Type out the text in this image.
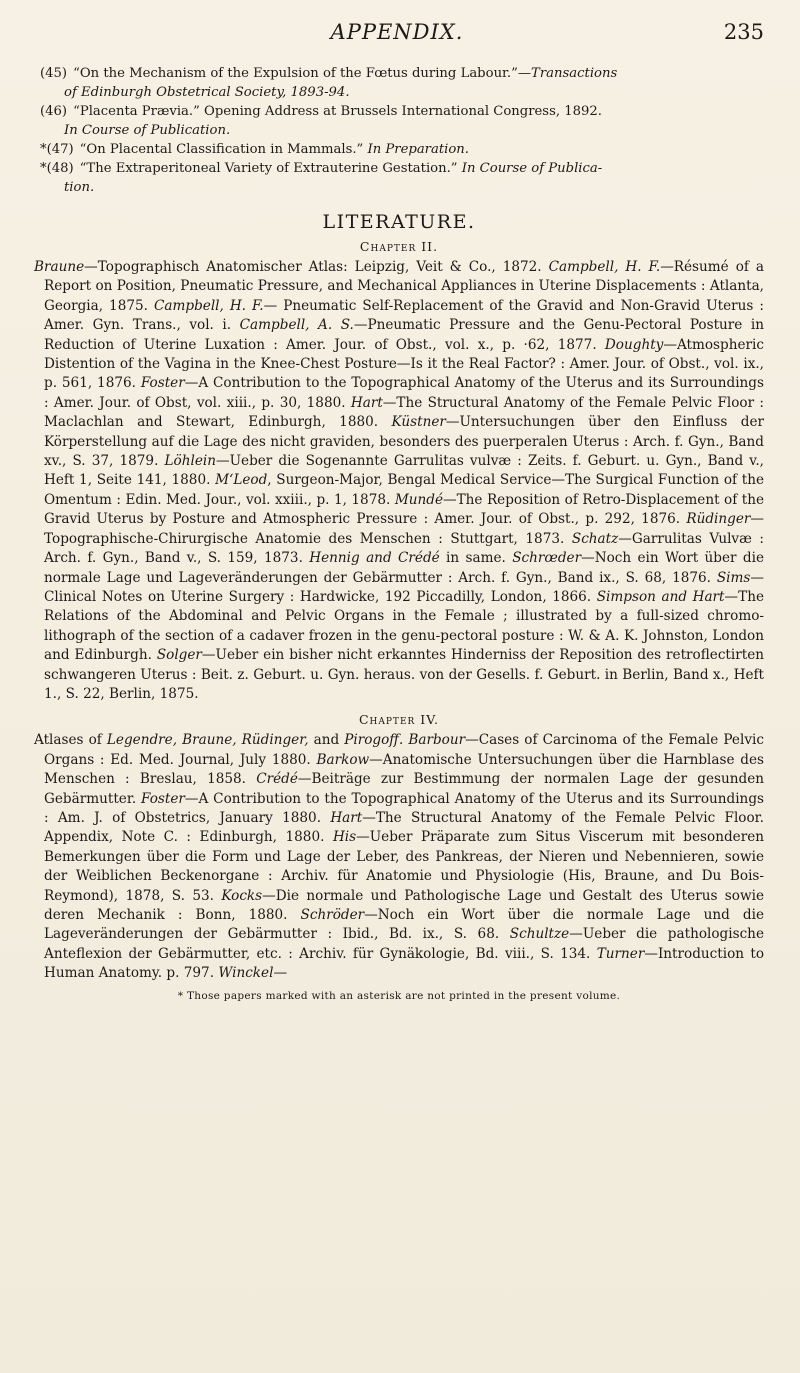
APPENDIX.	235
(45) “On the Mechanism of the Expulsion of the Fœtus during Labour.”—Transactions
of Edinburgh Obstetrical Society, 1893-94.
(46) “Placenta Prævia.” Opening Address at Brussels International Congress, 1892.
In Course of Publication.
*(47) “On Placental Classification in Mammals.” In Preparation.
*(48) “The Extraperitoneal Variety of Extrauterine Gestation.” In Course of Publica-
tion.
LITERATURE.
Chapter II.

Braune—Topographisch Anatomischer Atlas: Leipzig, Veit & Co., 1872. Campbell, H. F.—Résumé of a Report on Position, Pneumatic Pressure, and Mechanical Appliances in Uterine Displacements : Atlanta, Georgia, 1875. Campbell, H. F.— Pneumatic Self-Replacement of the Gravid and Non-Gravid Uterus : Amer. Gyn. Trans., vol. i. Campbell, A. S.—Pneumatic Pressure and the Genu-Pectoral Posture in Reduction of Uterine Luxation : Amer. Jour. of Obst., vol. x., p. ·62, 1877. Doughty—Atmospheric Distention of the Vagina in the Knee-Chest Posture—Is it the Real Factor? : Amer. Jour. of Obst., vol. ix., p. 561, 1876. Foster—A Contribution to the Topographical Anatomy of the Uterus and its Surroundings : Amer. Jour. of Obst, vol. xiii., p. 30, 1880. Hart—The Structural Anatomy of the Female Pelvic Floor : Maclachlan and Stewart, Edinburgh, 1880. Küstner—Untersuchungen über den Einfluss der Körperstellung auf die Lage des nicht graviden, besonders des puerperalen Uterus : Arch. f. Gyn., Band xv., S. 37, 1879. Löhlein—Ueber die Sogenannte Garrulitas vulvæ : Zeits. f. Geburt. u. Gyn., Band v., Heft 1, Seite 141, 1880. M‘Leod, Surgeon-Major, Bengal Medical Service—The Surgical Function of the Omentum : Edin. Med. Jour., vol. xxiii., p. 1, 1878. Mundé—The Reposition of Retro-Displacement of the Gravid Uterus by Posture and Atmospheric Pressure : Amer. Jour. of Obst., p. 292, 1876. Rüdinger—Topographische-Chirurgische Anatomie des Menschen : Stuttgart, 1873. Schatz—Garrulitas Vulvæ : Arch. f. Gyn., Band v., S. 159, 1873. Hennig and Crédé in same. Schrœder—Noch ein Wort über die normale Lage und Lageveränderungen der Gebärmutter : Arch. f. Gyn., Band ix., S. 68, 1876. Sims—Clinical Notes on Uterine Surgery : Hardwicke, 192 Piccadilly, London, 1866. Simpson and Hart—The Relations of the Abdominal and Pelvic Organs in the Female ; illustrated by a full-sized chromo-lithograph of the section of a cadaver frozen in the genu-pectoral posture : W. & A. K. Johnston, London and Edinburgh. Solger—Ueber ein bisher nicht erkanntes Hinderniss der Reposition des retroflectirten schwangeren Uterus : Beit. z. Geburt. u. Gyn. heraus. von der Gesells. f. Geburt. in Berlin, Band x., Heft 1., S. 22, Berlin, 1875.

Chapter IV.

Atlases of Legendre, Braune, Rüdinger, and Pirogoff. Barbour—Cases of Carcinoma of the Female Pelvic Organs : Ed. Med. Journal, July 1880. Barkow—Anatomische Untersuchungen über die Harnblase des Menschen : Breslau, 1858. Crédé—Beiträge zur Bestimmung der normalen Lage der gesunden Gebärmutter. Foster—A Contribution to the Topographical Anatomy of the Uterus and its Surroundings : Am. J. of Obstetrics, January 1880. Hart—The Structural Anatomy of the Female Pelvic Floor. Appendix, Note C. : Edinburgh, 1880. His—Ueber Präparate zum Situs Viscerum mit besonderen Bemerkungen über die Form und Lage der Leber, des Pankreas, der Nieren und Nebennieren, sowie der Weiblichen Beckenorgane : Archiv. für Anatomie und Physiologie (His, Braune, and Du Bois-Reymond), 1878, S. 53. Kocks—Die normale und Pathologische Lage und Gestalt des Uterus sowie deren Mechanik : Bonn, 1880. Schröder—Noch ein Wort über die normale Lage und die Lageveränderungen der Gebärmutter : Ibid., Bd. ix., S. 68. Schultze—Ueber die pathologische Anteflexion der Gebärmutter, etc. : Archiv. für Gynäkologie, Bd. viii., S. 134. Turner—Introduction to Human Anatomy. p. 797. Winckel—

* Those papers marked with an asterisk are not printed in the present volume.
